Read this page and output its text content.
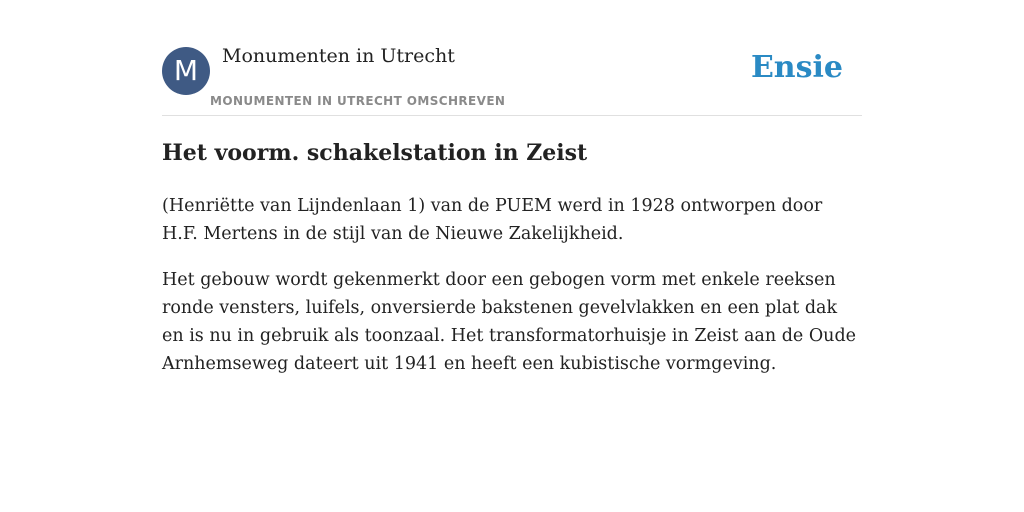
M	Monumenten in Utrecht
MONUMENTEN IN UTRECHT OMSCHREVEN
Ensie
Het voorm. schakelstation in Zeist

(Henriëtte van Lijndenlaan 1) van de PUEM werd in 1928 ontworpen door H.F. Mertens in de stijl van de Nieuwe Zakelijkheid.

Het gebouw wordt gekenmerkt door een gebogen vorm met enkele reeksen ronde vensters, luifels, onversierde bakstenen gevelvlakken en een plat dak en is nu in gebruik als toonzaal. Het transformatorhuisje in Zeist aan de Oude Arnhemseweg dateert uit 1941 en heeft een kubistische vormgeving.
